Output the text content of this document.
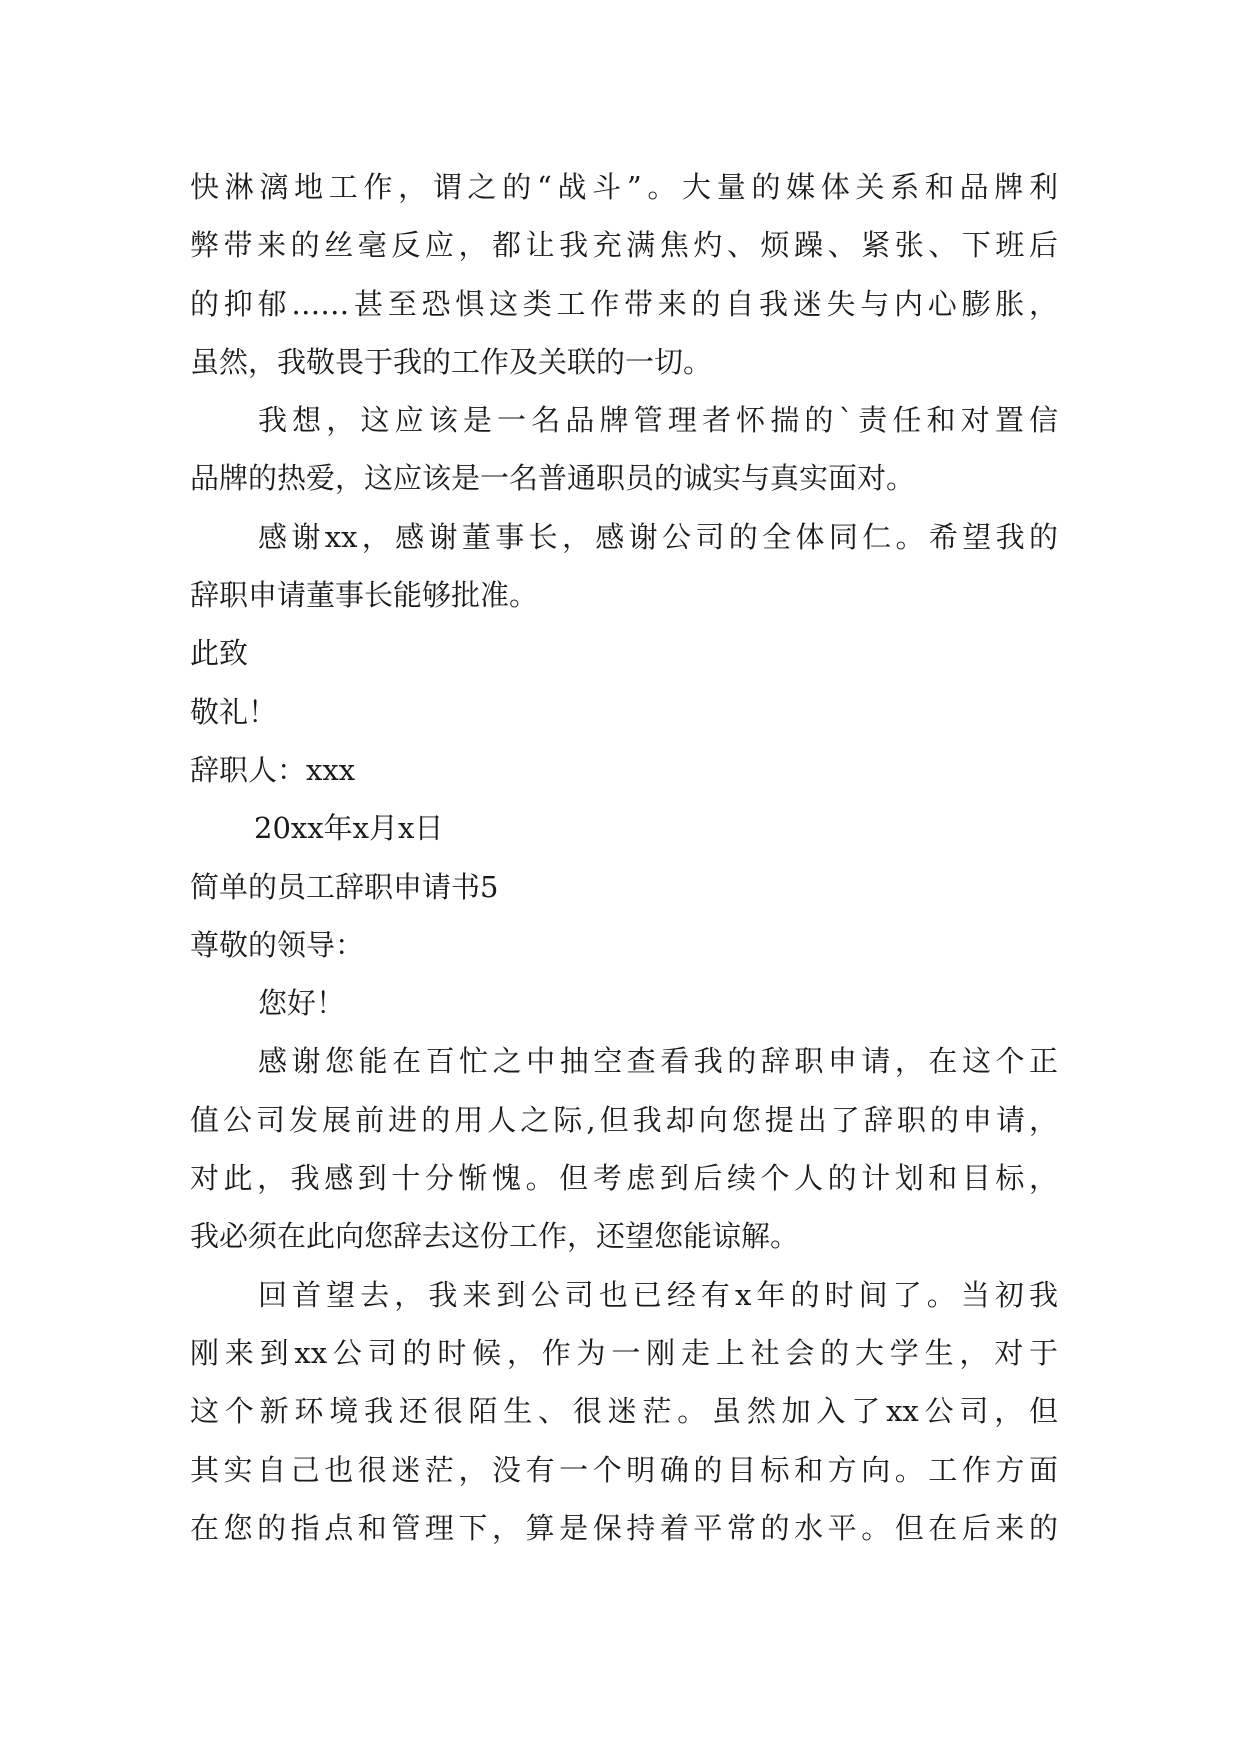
快淋漓地工作，谓之的“战斗”。大量的媒体关系和品牌利
弊带来的丝毫反应，都让我充满焦灼、烦躁、紧张、下班后
的抑郁……甚至恐惧这类工作带来的自我迷失与内心膨胀，
虽然，我敬畏于我的工作及关联的一切。
我想，这应该是一名品牌管理者怀揣的`责任和对置信
品牌的热爱，这应该是一名普通职员的诚实与真实面对。
感谢xx，感谢董事长，感谢公司的全体同仁。希望我的
辞职申请董事长能够批准。
此致
敬礼！
辞职人：xxx
20xx年x月x日
简单的员工辞职申请书5
尊敬的领导：
您好！
感谢您能在百忙之中抽空查看我的辞职申请，在这个正
值公司发展前进的用人之际,但我却向您提出了辞职的申请，
对此，我感到十分惭愧。但考虑到后续个人的计划和目标，
我必须在此向您辞去这份工作，还望您能谅解。
回首望去，我来到公司也已经有x年的时间了。当初我
刚来到xx公司的时候，作为一刚走上社会的大学生，对于
这个新环境我还很陌生、很迷茫。虽然加入了xx公司，但
其实自己也很迷茫，没有一个明确的目标和方向。工作方面
在您的指点和管理下，算是保持着平常的水平。但在后来的
